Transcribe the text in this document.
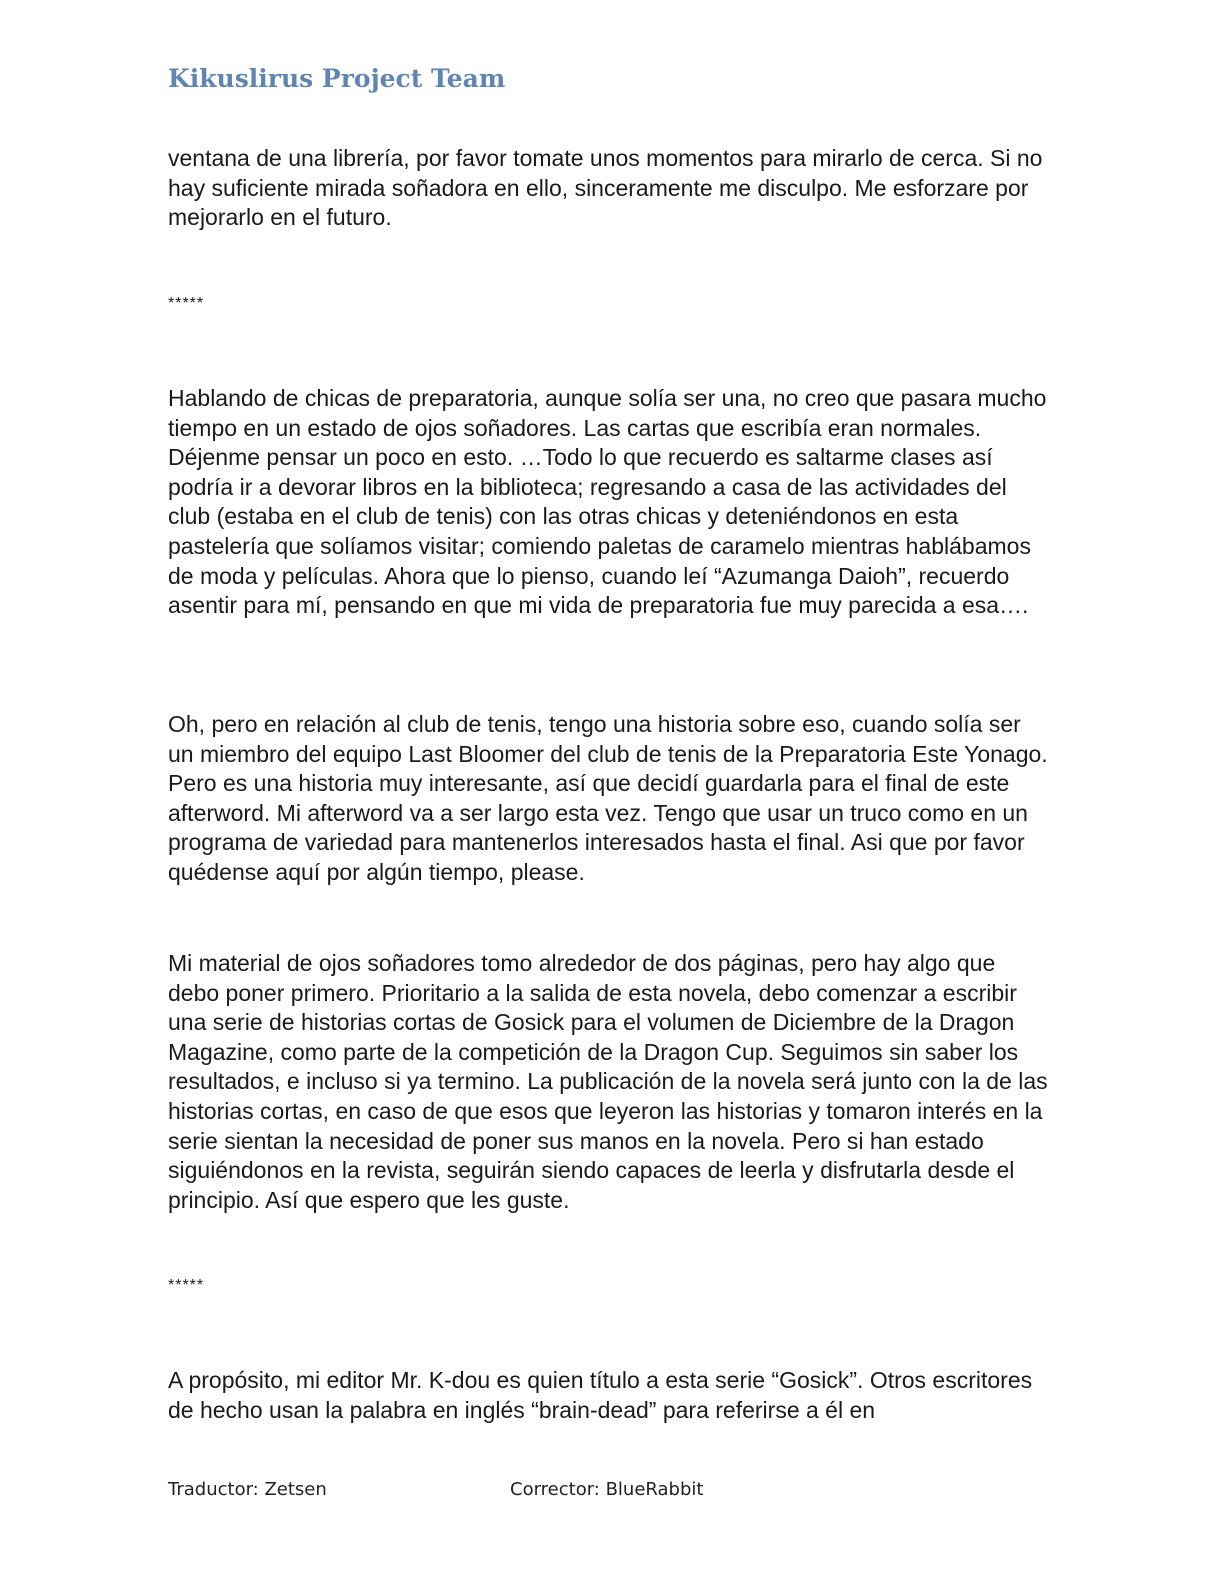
Kikuslirus Project Team

ventana de una librería, por favor tomate unos momentos para mirarlo de cerca. Si no hay suficiente mirada soñadora en ello, sinceramente me disculpo. Me esforzare por mejorarlo en el futuro.

*****

Hablando de chicas de preparatoria, aunque solía ser una, no creo que pasara mucho tiempo en un estado de ojos soñadores. Las cartas que escribía eran normales. Déjenme pensar un poco en esto. …Todo lo que recuerdo es saltarme clases así podría ir a devorar libros en la biblioteca; regresando a casa de las actividades del club (estaba en el club de tenis) con las otras chicas y deteniéndonos en esta pastelería que solíamos visitar; comiendo paletas de caramelo mientras hablábamos de moda y películas. Ahora que lo pienso, cuando leí “Azumanga Daioh”, recuerdo asentir para mí, pensando en que mi vida de preparatoria fue muy parecida a esa….

Oh, pero en relación al club de tenis, tengo una historia sobre eso, cuando solía ser un miembro del equipo Last Bloomer del club de tenis de la Preparatoria Este Yonago. Pero es una historia muy interesante, así que decidí guardarla para el final de este afterword. Mi afterword va a ser largo esta vez. Tengo que usar un truco como en un programa de variedad para mantenerlos interesados hasta el final. Asi que por favor quédense aquí por algún tiempo, please.

Mi material de ojos soñadores tomo alrededor de dos páginas, pero hay algo que debo poner primero. Prioritario a la salida de esta novela, debo comenzar a escribir una serie de historias cortas de Gosick para el volumen de Diciembre de la Dragon Magazine, como parte de la competición de la Dragon Cup. Seguimos sin saber los resultados, e incluso si ya termino. La publicación de la novela será junto con la de las historias cortas, en caso de que esos que leyeron las historias y tomaron interés en la serie sientan la necesidad de poner sus manos en la novela. Pero si han estado siguiéndonos en la revista, seguirán siendo capaces de leerla y disfrutarla desde el principio. Así que espero que les guste.

*****

A propósito, mi editor Mr. K-dou es quien título a esta serie “Gosick”. Otros escritores de hecho usan la palabra en inglés “brain-dead” para referirse a él en

Traductor: Zetsen	Corrector: BlueRabbit
